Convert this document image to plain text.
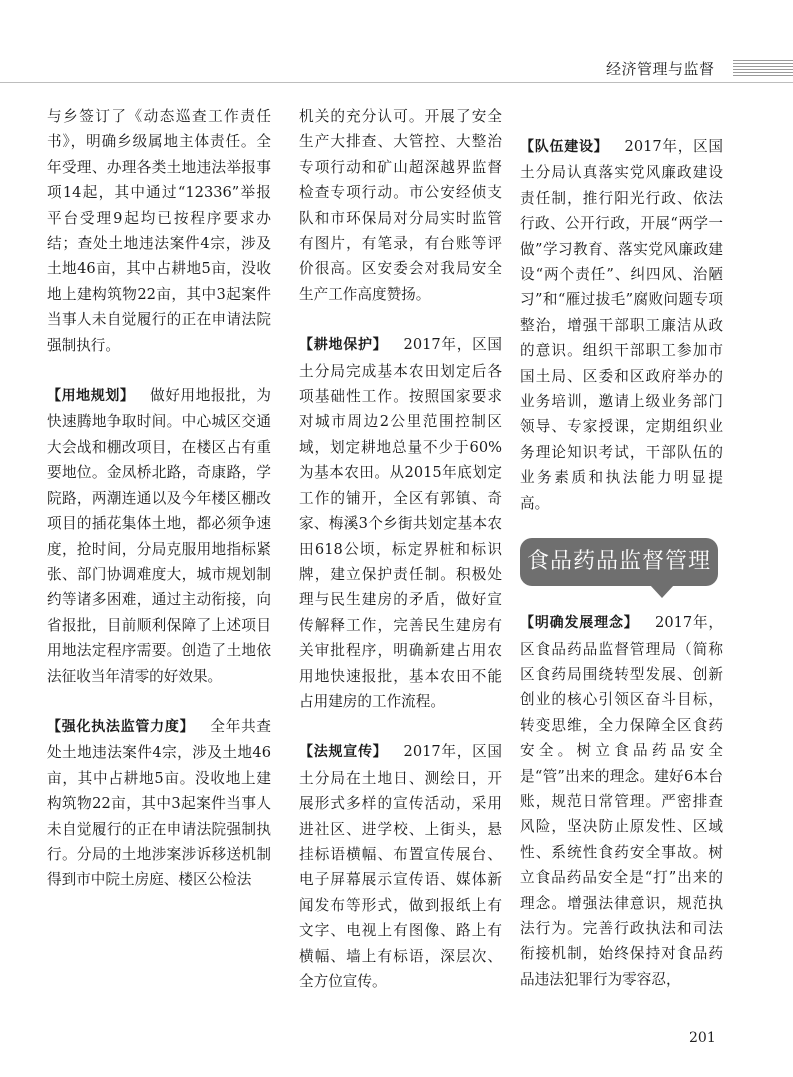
经济管理与监督

与乡签订了《动态巡查工作责任书》，明确乡级属地主体责任。全年受理、办理各类土地违法举报事项14起，其中通过“12336”举报平台受理9起均已按程序要求办结；查处土地违法案件4宗，涉及土地46亩，其中占耕地5亩，没收地上建构筑物22亩，其中3起案件当事人未自觉履行的正在申请法院强制执行。

【用地规划】 做好用地报批，为快速腾地争取时间。中心城区交通大会战和棚改项目，在楼区占有重要地位。金凤桥北路，奇康路，学院路，两潮连通以及今年楼区棚改项目的插花集体土地，都必须争速度，抢时间，分局克服用地指标紧张、部门协调难度大，城市规划制约等诸多困难，通过主动衔接，向省报批，目前顺利保障了上述项目用地法定程序需要。创造了土地依法征收当年清零的好效果。

【强化执法监管力度】 全年共查处土地违法案件4宗，涉及土地46亩，其中占耕地5亩。没收地上建构筑物22亩，其中3起案件当事人未自觉履行的正在申请法院强制执行。分局的土地涉案涉诉移送机制得到市中院土房庭、楼区公检法

机关的充分认可。开展了安全生产大排查、大管控、大整治专项行动和矿山超深越界监督检查专项行动。市公安经侦支队和市环保局对分局实时监管有图片，有笔录，有台账等评价很高。区安委会对我局安全生产工作高度赞扬。

【耕地保护】 2017年，区国土分局完成基本农田划定后各项基础性工作。按照国家要求对城市周边2公里范围控制区域，划定耕地总量不少于60%为基本农田。从2015年底划定工作的铺开，全区有郭镇、奇家、梅溪3个乡街共划定基本农田618公顷，标定界桩和标识牌，建立保护责任制。积极处理与民生建房的矛盾，做好宣传解释工作，完善民生建房有关审批程序，明确新建占用农用地快速报批，基本农田不能占用建房的工作流程。

【法规宣传】 2017年，区国土分局在土地日、测绘日，开展形式多样的宣传活动，采用进社区、进学校、上街头，悬挂标语横幅、布置宣传展台、电子屏幕展示宣传语、媒体新闻发布等形式，做到报纸上有文字、电视上有图像、路上有横幅、墙上有标语，深层次、全方位宣传。

【队伍建设】 2017年，区国土分局认真落实党风廉政建设责任制，推行阳光行政、依法行政、公开行政，开展“两学一做”学习教育、落实党风廉政建设“两个责任”、纠四风、治陋习”和“雁过拔毛”腐败问题专项整治，增强干部职工廉洁从政的意识。组织干部职工参加市国土局、区委和区政府举办的业务培训，邀请上级业务部门领导、专家授课，定期组织业务理论知识考试，干部队伍的业务素质和执法能力明显提高。

食品药品监督管理

【明确发展理念】 2017年，区食品药品监督管理局（简称区食药局围绕转型发展、创新创业的核心引领区奋斗目标，转变思维，全力保障全区食药安全。树立食品药品安全是“管”出来的理念。建好6本台账，规范日常管理。严密排查风险，坚决防止原发性、区域性、系统性食药安全事故。树立食品药品安全是“打”出来的理念。增强法律意识，规范执法行为。完善行政执法和司法衔接机制，始终保持对食品药品违法犯罪行为零容忍，

201
